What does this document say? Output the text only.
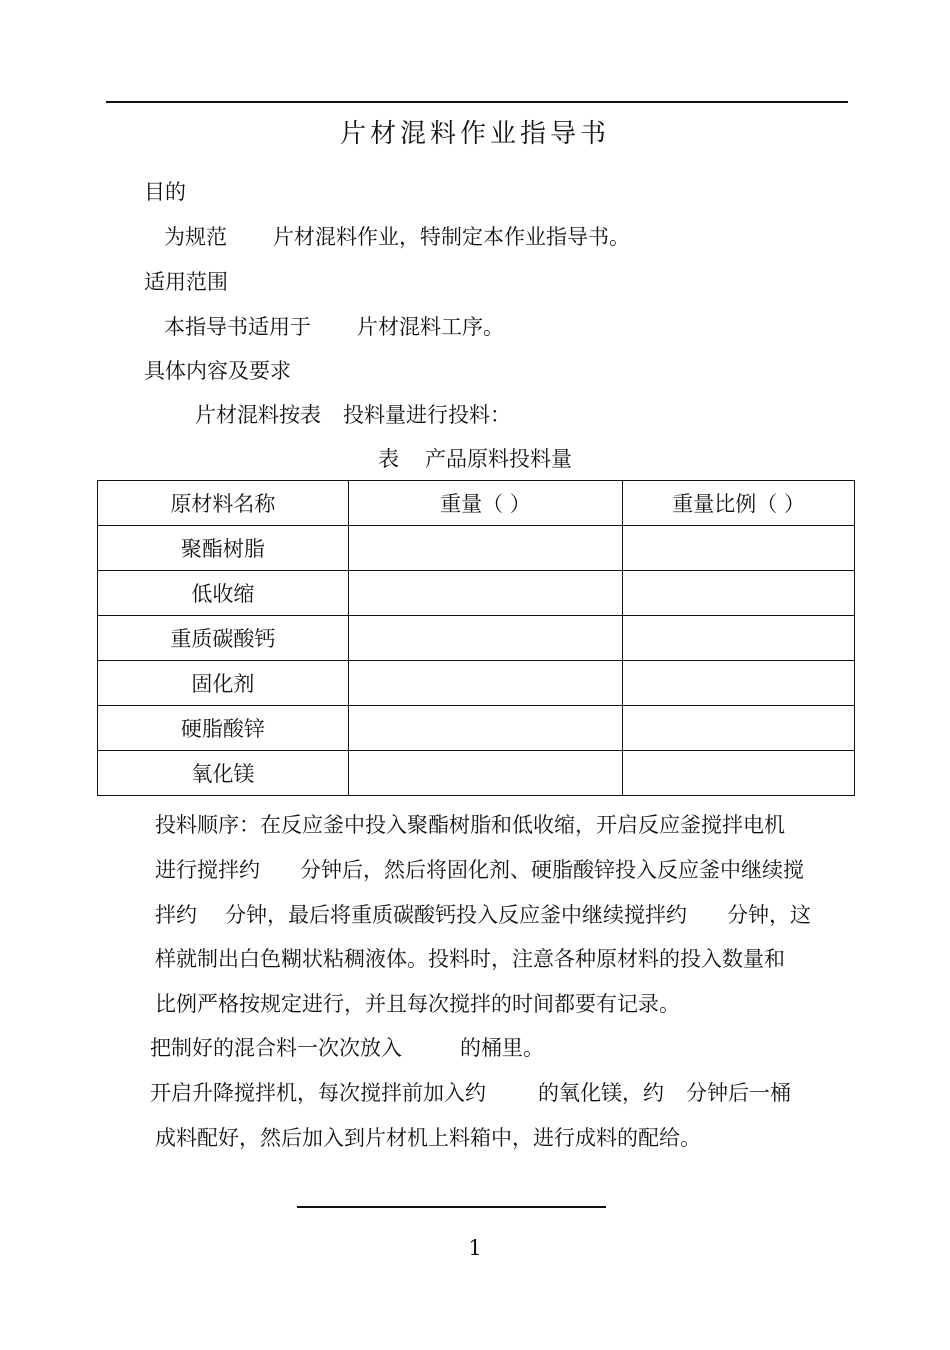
片材混料作业指导书
目的
为规范 片材混料作业，特制定本作业指导书。
适用范围
本指导书适用于 片材混料工序。
具体内容及要求
片材混料按表 投料量进行投料：
表 产品原料投料量
原材料名称	重量（ ）	重量比例（ ）
聚酯树脂		
低收缩		
重质碳酸钙		
固化剂		
硬脂酸锌		
氧化镁		
投料顺序：在反应釜中投入聚酯树脂和低收缩，开启反应釜搅拌电机
进行搅拌约 分钟后，然后将固化剂、硬脂酸锌投入反应釜中继续搅
拌约 分钟，最后将重质碳酸钙投入反应釜中继续搅拌约 分钟，这
样就制出白色糊状粘稠液体。投料时，注意各种原材料的投入数量和
比例严格按规定进行，并且每次搅拌的时间都要有记录。
把制好的混合料一次次放入	的桶里。
开启升降搅拌机，每次搅拌前加入约 的氧化镁，约 分钟后一桶
成料配好，然后加入到片材机上料箱中，进行成料的配给。
1
